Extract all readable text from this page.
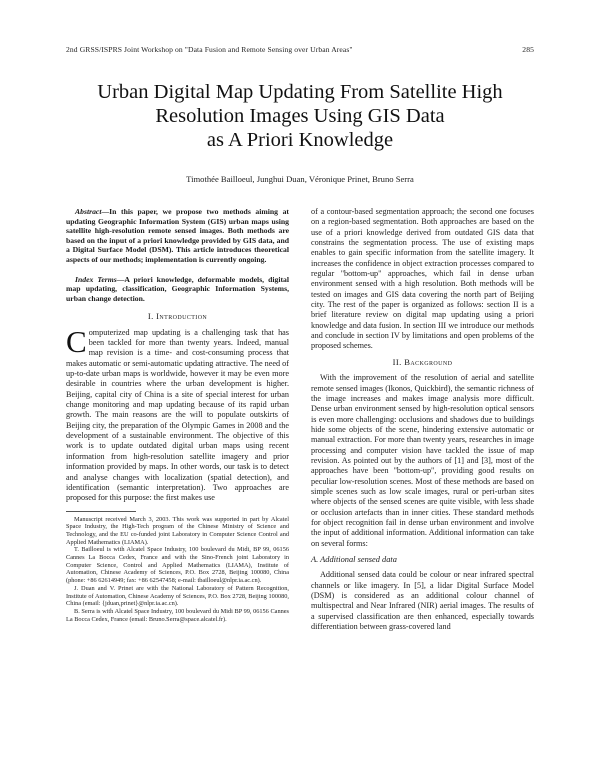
2nd GRSS/ISPRS Joint Workshop on "Data Fusion and Remote Sensing over Urban Areas"	285
Urban Digital Map Updating From Satellite High
Resolution Images Using GIS Data
as A Priori Knowledge
Timothée Bailloeul, Junghui Duan, Véronique Prinet, Bruno Serra

Abstract—In this paper, we propose two methods aiming at updating Geographic Information System (GIS) urban maps using satellite high-resolution remote sensed images. Both methods are based on the input of a priori knowledge provided by GIS data, and a Digital Surface Model (DSM). This article introduces theoretical aspects of our methods; implementation is currently ongoing.

Index Terms—A priori knowledge, deformable models, digital map updating, classification, Geographic Information Systems, urban change detection.

I. Introduction

Computerized map updating is a challenging task that has been tackled for more than twenty years. Indeed, manual map revision is a time- and cost-consuming process that makes automatic or semi-automatic updating attractive. The need of up-to-date urban maps is worldwide, however it may be even more desirable in countries where the urban development is higher. Beijing, capital city of China is a site of special interest for urban change monitoring and map updating because of its rapid urban growth. The main reasons are the will to populate outskirts of Beijing city, the preparation of the Olympic Games in 2008 and the development of a sustainable environment. The objective of this work is to update outdated digital urban maps using recent information from high-resolution satellite imagery and prior information provided by maps. In other words, our task is to detect and analyse changes with localization (spatial detection), and identification (semantic interpretation). Two approaches are proposed for this purpose: the first makes use

Manuscript received March 3, 2003. This work was supported in part by Alcatel Space Industry, the High-Tech program of the Chinese Ministry of Science and Technology, and the EU co-funded joint Laboratory in Computer Science Control and Applied Mathematics (LIAMA).

T. Bailloeul is with Alcatel Space Industry, 100 boulevard du Midi, BP 99, 06156 Cannes La Bocca Cedex, France and with the Sino-French joint Laboratory in Computer Science, Control and Applied Mathematics (LIAMA), Institute of Automation, Chinese Academy of Sciences, P.O. Box 2728, Beijing 100080, China (phone: +86 62614949; fax: +86 62547458; e-mail: tbailloeul@nlpr.ia.ac.cn).

J. Duan and V. Prinet are with the National Laboratory of Pattern Recognition, Institute of Automation, Chinese Academy of Sciences, P.O. Box 2728, Beijing 100080, China (email: {jduan,prinet}@nlpr.ia.ac.cn).

B. Serra is with Alcatel Space Industry, 100 boulevard du Midi BP 99, 06156 Cannes La Bocca Cedex, France (email: Bruno.Serra@space.alcatel.fr).

of a contour-based segmentation approach; the second one focuses on a region-based segmentation. Both approaches are based on the use of a priori knowledge derived from outdated GIS data that constrains the segmentation process. The use of existing maps enables to gain specific information from the satellite imagery. It increases the confidence in object extraction processes compared to regular "bottom-up" approaches, which fail in dense urban environment sensed with a high resolution. Both methods will be tested on images and GIS data covering the north part of Beijing city. The rest of the paper is organized as follows: section II is a brief literature review on digital map updating using a priori knowledge and data fusion. In section III we introduce our methods and conclude in section IV by limitations and open problems of the proposed schemes.

II. Background

With the improvement of the resolution of aerial and satellite remote sensed images (Ikonos, Quickbird), the semantic richness of the image increases and makes image analysis more difficult. Dense urban environment sensed by high-resolution optical sensors is even more challenging: occlusions and shadows due to buildings hide some objects of the scene, hindering extensive automatic or manual extraction. For more than twenty years, researches in image processing and computer vision have tackled the issue of map revision. As pointed out by the authors of [1] and [3], most of the approaches have been "bottom-up", providing good results on peculiar low-resolution scenes. Most of these methods are based on simple scenes such as low scale images, rural or peri-urban sites where objects of the sensed scenes are quite visible, with less shade or occlusion artefacts than in inner cities. These standard methods for object recognition fail in dense urban environment and involve the input of additional information. Additional information can take on several forms:

A. Additional sensed data

Additional sensed data could be colour or near infrared spectral channels or like imagery. In [5], a lidar Digital Surface Model (DSM) is considered as an additional colour channel of multispectral and Near Infrared (NIR) aerial images. The results of a supervised classification are then enhanced, especially towards differentiation between grass-covered land
